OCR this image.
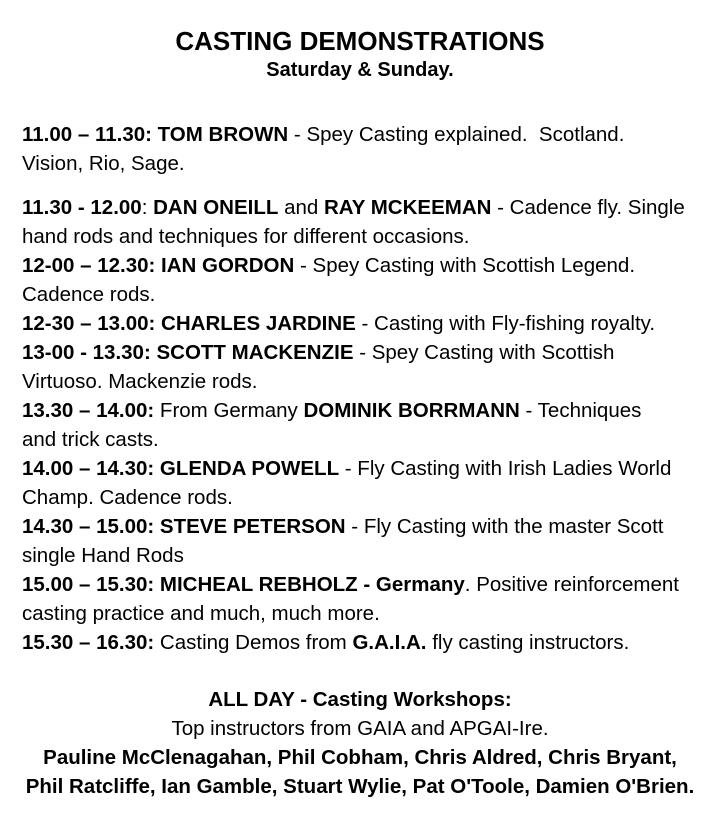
CASTING DEMONSTRATIONS
Saturday & Sunday.
11.00 – 11.30: TOM BROWN - Spey Casting explained.  Scotland.
Vision, Rio, Sage.
11.30 - 12.00: DAN ONEILL and RAY MCKEEMAN - Cadence fly. Single
hand rods and techniques for different occasions.
12-00 – 12.30: IAN GORDON - Spey Casting with Scottish Legend.
Cadence rods.
12-30 – 13.00: CHARLES JARDINE - Casting with Fly-fishing royalty.
13-00 - 13.30: SCOTT MACKENZIE - Spey Casting with Scottish
Virtuoso. Mackenzie rods.
13.30 – 14.00: From Germany DOMINIK BORRMANN - Techniques
and trick casts.
14.00 – 14.30: GLENDA POWELL - Fly Casting with Irish Ladies World
Champ. Cadence rods.
14.30 – 15.00: STEVE PETERSON - Fly Casting with the master Scott
single Hand Rods
15.00 – 15.30: MICHEAL REBHOLZ - Germany. Positive reinforcement
casting practice and much, much more.
15.30 – 16.30: Casting Demos from G.A.I.A. fly casting instructors.
ALL DAY - Casting Workshops:
Top instructors from GAIA and APGAI-Ire.
Pauline McClenagahan, Phil Cobham, Chris Aldred, Chris Bryant,
Phil Ratcliffe, Ian Gamble, Stuart Wylie, Pat O'Toole, Damien O'Brien.
